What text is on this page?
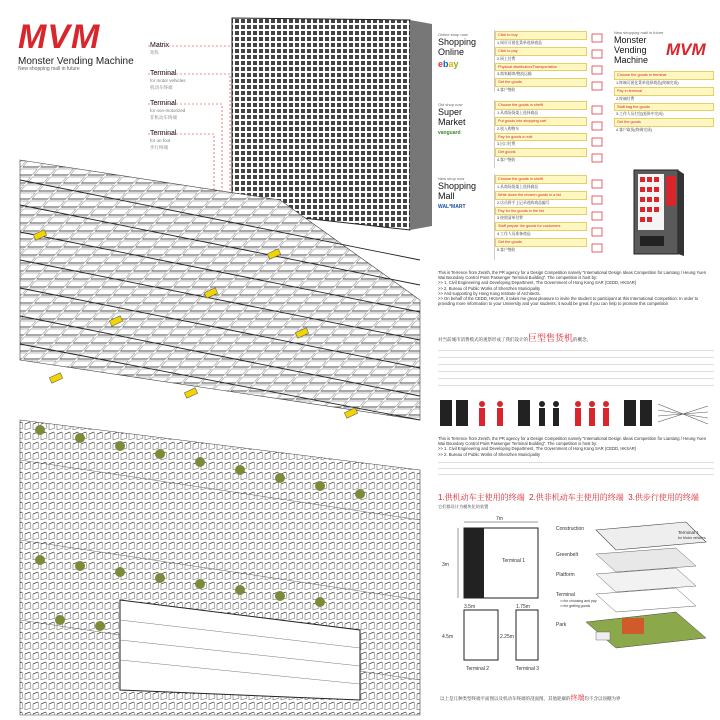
MVM
Monster Vending Machine
New shopping mall in future
Matrix
矩阵
Terminal
for motor vehicles
机动车终端
Terminal
for non-motorized
非机动车终端
Terminal
for on foot
步行终端
Online shop now
Shopping Online
ebay
Click to buy
1.网页可视化菜单选择商品
Click to pay
2.网上付费
Physical distribution/Transportation
3.商家邮寄/物流运输
Get the goods
4.客户签收
Old shop now
Super Market
vanguard
Choose the goods in shelft
1.从商场货架上选择商品
Put goods into shopping cart
2.放入购物车
Pay for goods in exit
3.出口付费
Get goods
4.客户签收
New shop now
Shopping Mall
WAL*MART
Choose the goods in shelft
1.从商场货架上选择商品
Write down the chosen goods in a list
2.店员将手上记录选购商品编号
Pay for the goods in the list
3.按照清单付费
Staff prepair the goods for customers
4.工作人员准备商品
Get the goods
5.客户签收
New shopping mall in future
Monster Vending Machine
MVM
Choose the goods in terminal
1.终端可视化菜单选择商品(终端完成)
Pay in terminal
2.终端付费
Staff bag the goods
3.工作人员打包(矩阵中完成)
Get the goods
4.客户取货(终端完成)
This is Terrence from Zenith, the PR agency for a Design Competition namely "International Design Ideas Competition for Liantang / Heung Yuen Wai Boundary Control Point Passenger Terminal Building". The competition is host by:
>> 1. Civil Engineering and Developing Department, The Government of Hong Kong SAR (CEDD, HKSAR)
>> 2. Bureau of Public Works of Shenzhen Municipality
>> And supporting by Hong Kong Institute of Architects.
>> On behalf of the CEDD, HKSAR, it takes me great pleasure to invite the student to participant at this International Competition. In order to providing more information to your University and your students, it would be great if you can help to promote this competition
对当前城市消费模式的观察形成了我们设计的巨型售货机的概念。
This is Terrence from Zenith, the PR agency for a Design Competition namely "International Design Ideas Competition for Liantang / Heung Yuen Wai Boundary Control Point Passenger Terminal Building". The competition is host by:
>> 1. Civil Engineering and Developing Department, The Government of Hong Kong SAR (CEDD, HKSAR)
>> 2. Bureau of Public Works of Shenzhen Municipality
1.供机动车主使用的终端 2.供非机动车主使用的终端 3.供步行使用的终端
它们都设计为模块化的装置
7m
3m
Terminal 1
3.5m
4.5m
Terminal 2
1.75m
2.25m
Terminal 3
Construction
Greenbelt
Platform
Terminal
Park
>>for choosing and pay
>>for getting goods
Terminal 1
for Motor vehicles
以上是几种类型终端平面图以及机动车终端的剖面图。其他轮廓的终端均不含以顶棚为界
